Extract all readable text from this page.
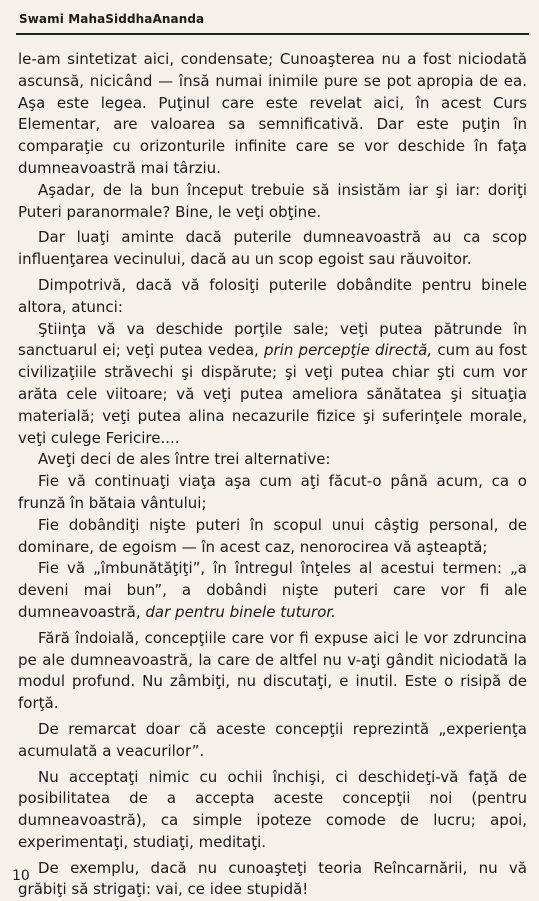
Swami MahaSiddhaAnanda

le-am sintetizat aici, condensate; Cunoaşterea nu a fost niciodată ascunsă, nicicând — însă numai inimile pure se pot apropia de ea. Aşa este legea. Puţinul care este revelat aici, în acest Curs Elementar, are valoarea sa semnificativă. Dar este puţin în comparaţie cu orizonturile infinite care se vor deschide în faţa dumneavoastră mai târziu.

Aşadar, de la bun început trebuie să insistăm iar şi iar: doriţi Puteri paranormale? Bine, le veţi obţine.

Dar luaţi aminte dacă puterile dumneavoastră au ca scop influenţarea vecinului, dacă au un scop egoist sau răuvoitor.

Dimpotrivă, dacă vă folosiţi puterile dobândite pentru binele altora, atunci:

Ştiinţa vă va deschide porţile sale; veţi putea pătrunde în sanctuarul ei; veţi putea vedea, prin percepţie directă, cum au fost civilizaţiile străvechi şi dispărute; şi veţi putea chiar şti cum vor arăta cele viitoare; vă veţi putea ameliora sănătatea şi situaţia materială; veţi putea alina necazurile fizice şi suferinţele morale, veţi culege Fericire....

Aveţi deci de ales între trei alternative:

Fie vă continuaţi viaţa aşa cum aţi făcut-o până acum, ca o frunză în bătaia vântului;

Fie dobândiţi nişte puteri în scopul unui câştig personal, de dominare, de egoism — în acest caz, nenorocirea vă aşteaptă;

Fie vă „îmbunătăţiţi”, în întregul înţeles al acestui termen: „a deveni mai bun”, a dobândi nişte puteri care vor fi ale dumneavoastră, dar pentru binele tuturor.

Fără îndoială, concepţiile care vor fi expuse aici le vor zdruncina pe ale dumneavoastră, la care de altfel nu v-aţi gândit niciodată la modul profund. Nu zâmbiţi, nu discutaţi, e inutil. Este o risipă de forţă.

De remarcat doar că aceste concepţii reprezintă „experienţa acumulată a veacurilor”.

Nu acceptaţi nimic cu ochii închişi, ci deschideţi-vă faţă de posibilitatea de a accepta aceste concepţii noi (pentru dumneavoastră), ca simple ipoteze comode de lucru; apoi, experimentaţi, studiaţi, meditaţi.

De exemplu, dacă nu cunoaşteţi teoria Reîncarnării, nu vă grăbiţi să strigaţi: vai, ce idee stupidă!

10
